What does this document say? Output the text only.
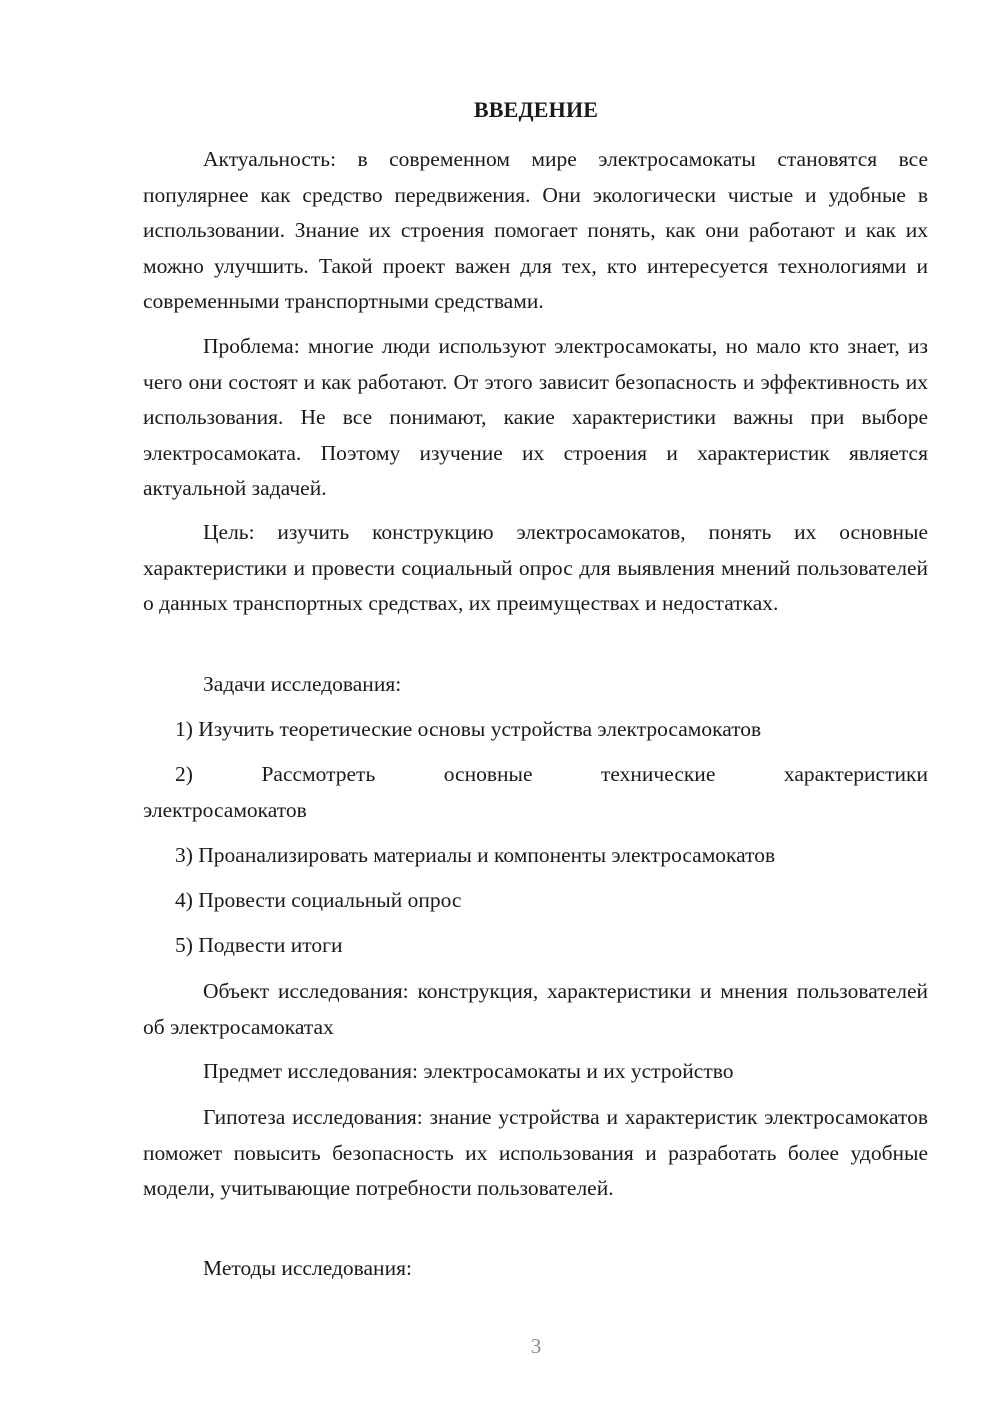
ВВЕДЕНИЕ

Актуальность: в современном мире электросамокаты становятся все популярнее как средство передвижения. Они экологически чистые и удобные в использовании. Знание их строения помогает понять, как они работают и как их можно улучшить. Такой проект важен для тех, кто интересуется технологиями и современными транспортными средствами.

Проблема: многие люди используют электросамокаты, но мало кто знает, из чего они состоят и как работают. От этого зависит безопасность и эффективность их использования. Не все понимают, какие характеристики важны при выборе электросамоката. Поэтому изучение их строения и характеристик является актуальной задачей.

Цель: изучить конструкцию электросамокатов, понять их основные характеристики и провести социальный опрос для выявления мнений пользователей о данных транспортных средствах, их преимуществах и недостатках.

Задачи исследования:

1) Изучить теоретические основы устройства электросамокатов

2)	Рассмотреть	основные	технические	характеристики
электросамокатов

3) Проанализировать материалы и компоненты электросамокатов

4) Провести социальный опрос

5) Подвести итоги

Объект исследования: конструкция, характеристики и мнения пользователей об электросамокатах

Предмет исследования: электросамокаты и их устройство

Гипотеза исследования: знание устройства и характеристик электросамокатов поможет повысить безопасность их использования и разработать более удобные модели, учитывающие потребности пользователей.

Методы исследования:

3
